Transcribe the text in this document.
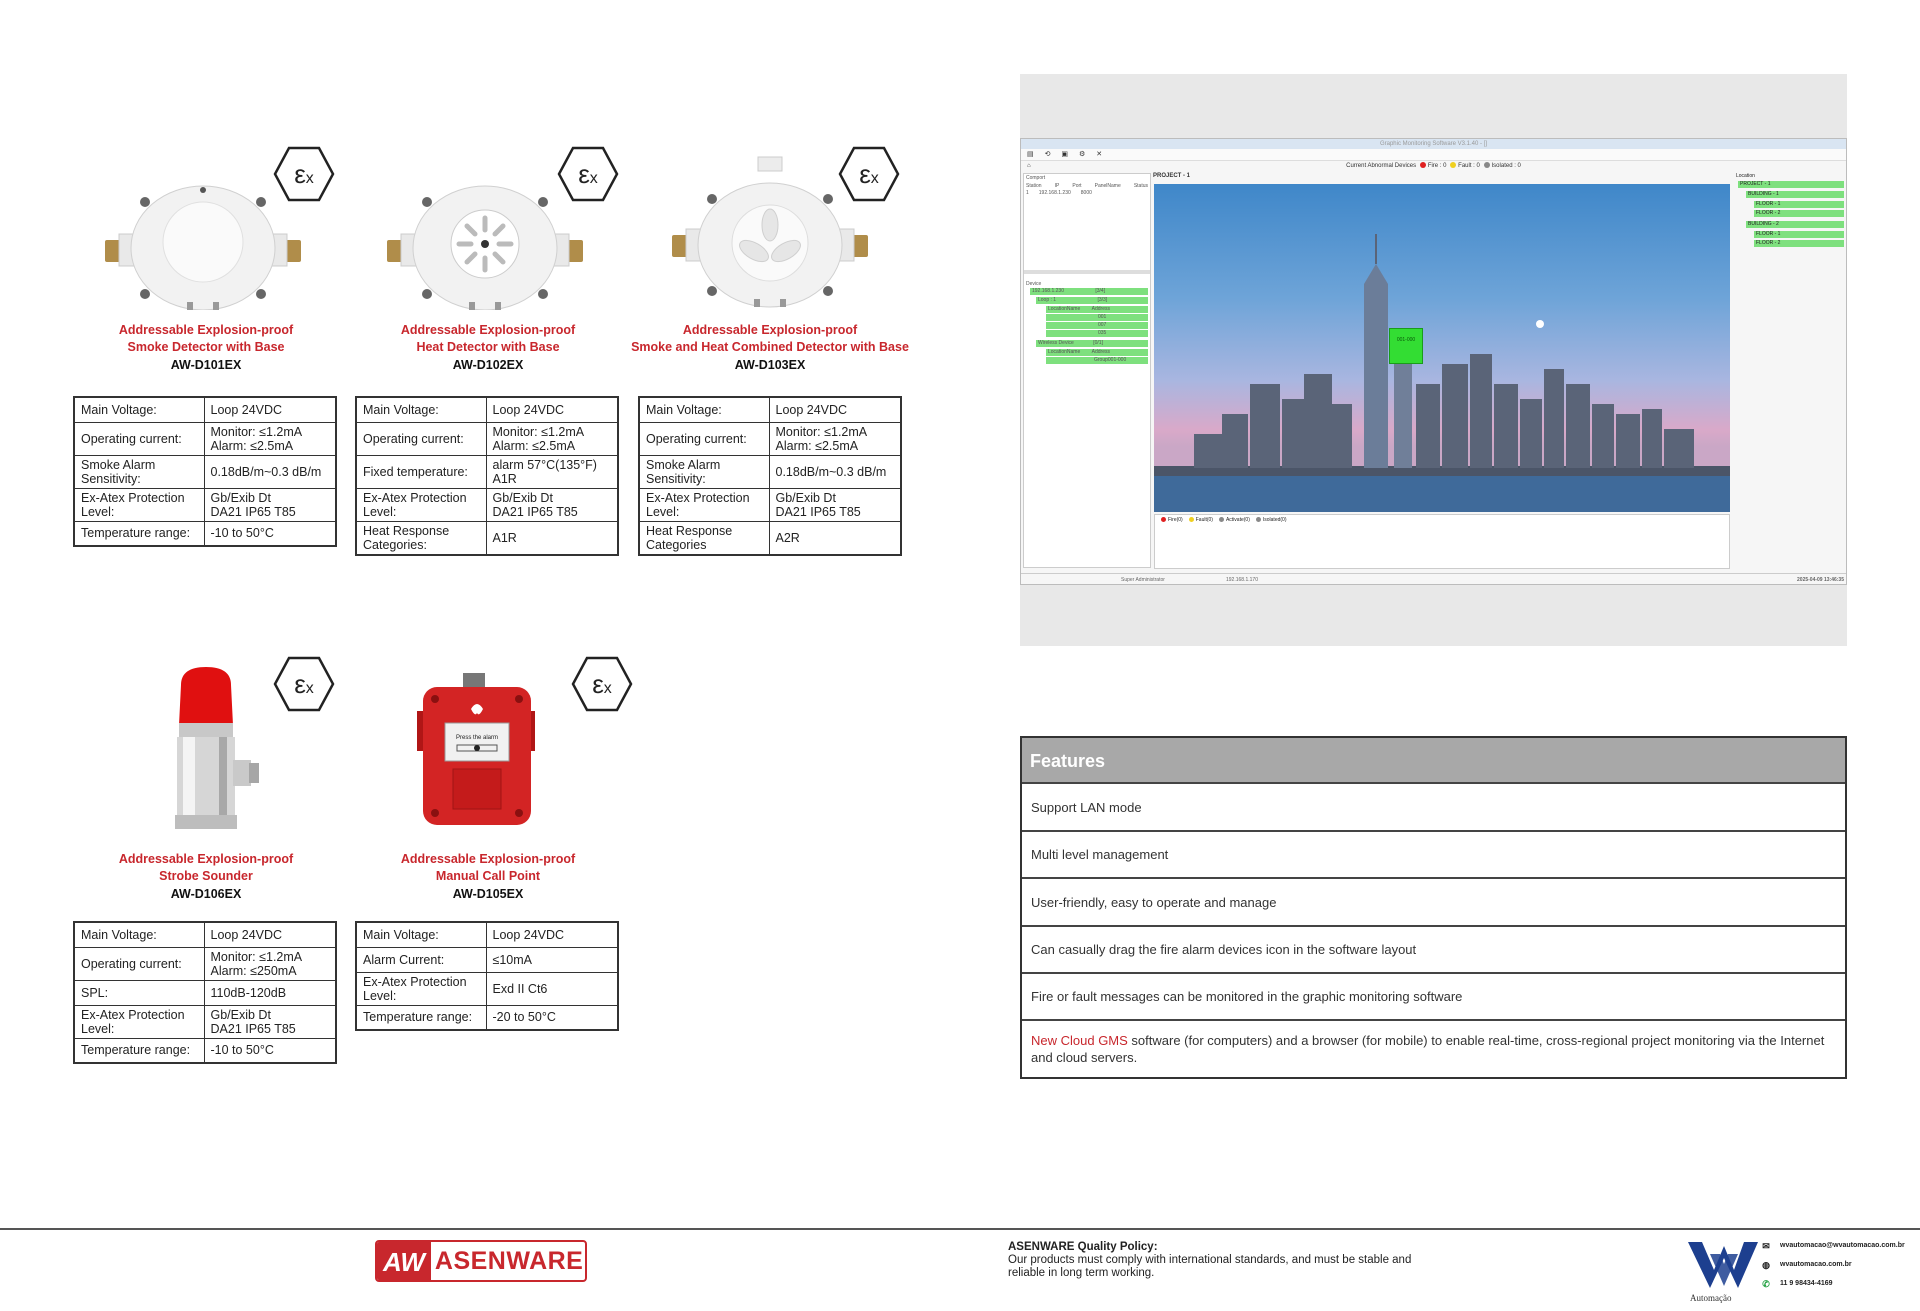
εx
Addressable Explosion-proof
Smoke Detector with Base
AW-D101EX
Main Voltage:	Loop 24VDC
Operating current:	Monitor: ≤1.2mA
Alarm: ≤2.5mA
Smoke Alarm
Sensitivity:	0.18dB/m~0.3 dB/m
Ex-Atex Protection
Level:	Gb/Exib Dt
DA21 IP65 T85
Temperature range:	-10 to 50°C
εx
Addressable Explosion-proof
Heat Detector with Base
AW-D102EX
Main Voltage:	Loop 24VDC
Operating current:	Monitor: ≤1.2mA
Alarm: ≤2.5mA
Fixed temperature:	alarm 57°C(135°F)
A1R
Ex-Atex Protection
Level:	Gb/Exib Dt
DA21 IP65 T85
Heat Response
Categories:	A1R
εx
Addressable Explosion-proof
Smoke and Heat Combined Detector with Base
AW-D103EX
Main Voltage:	Loop 24VDC
Operating current:	Monitor: ≤1.2mA
Alarm: ≤2.5mA
Smoke Alarm
Sensitivity:	0.18dB/m~0.3 dB/m
Ex-Atex Protection
Level:	Gb/Exib Dt
DA21 IP65 T85
Heat Response
Categories	A2R
εx
Addressable Explosion-proof
Strobe Sounder
AW-D106EX
Main Voltage:	Loop 24VDC
Operating current:	Monitor: ≤1.2mA
Alarm: ≤250mA
SPL:	110dB-120dB
Ex-Atex Protection
Level:	Gb/Exib Dt
DA21 IP65 T85
Temperature range:	-10 to 50°C
Press the alarm
εx
Addressable Explosion-proof
Manual Call Point
AW-D105EX
Main Voltage:	Loop 24VDC
Alarm Current:	≤10mA
Ex-Atex Protection
Level:	Exd II Ct6
Temperature range:	-20 to 50°C
Graphic Monitoring Software V3.1.40 - []
▤ ⟲ ▣ ⚙ ✕
⌂	Current Abnormal Devices Fire : 0 Fault : 0 Isolated : 0
Comport
Station	IP	Port	PanelName	Status
1 192.168.1.230 8000
Device
192.168.1.230	[3/4]
Loop : 1	[3/3]
LocationName Address
001
007
035
Wireless Device	[0/1]
LocationName Address
Group001-000
PROJECT - 1
001-000
Fire(0)	Fault(0)	Activate(0)	Isolated(0)
Location
PROJECT - 1
BUILDING - 1
FLOOR - 1
FLOOR - 2
BUILDING - 2
FLOOR - 1
FLOOR - 2
Super Administrator	192.168.1.170	2025-04-09 13:46:35
Features
Support LAN mode
Multi level management
User-friendly, easy to operate and manage
Can casually drag the fire alarm devices icon in the software layout
Fire or fault messages can be monitored in the graphic monitoring software
New Cloud GMS software (for computers) and a browser (for mobile) to enable real-time, cross-regional project monitoring via the Internet and cloud servers.
AW ASENWARE	ASENWARE Quality Policy:
Our products must comply with international standards, and must be stable and reliable in long term working.
Automação
✉	wvautomacao@wvautomacao.com.br
◍ wvautomacao.com.br
✆	11 9 98434-4169
